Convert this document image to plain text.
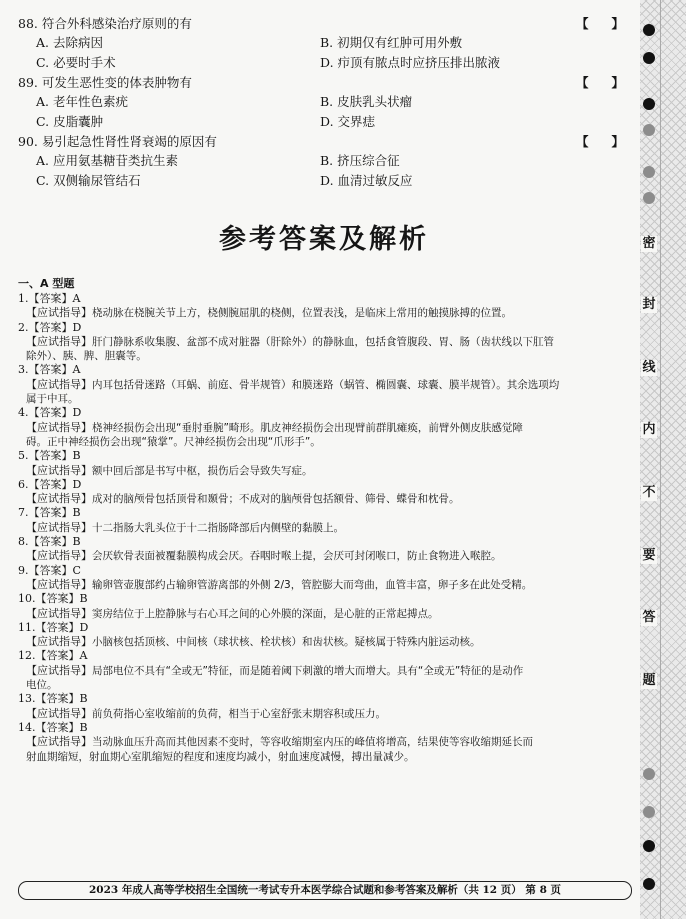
88. 符合外科感染治疗原则的有	【 】
A. 去除病因	B. 初期仅有红肿可用外敷
C. 必要时手术	D. 疖顶有脓点时应挤压排出脓液
89. 可发生恶性变的体表肿物有	【 】
A. 老年性色素疣	B. 皮肤乳头状瘤
C. 皮脂囊肿	D. 交界痣
90. 易引起急性肾性肾衰竭的原因有	【 】
A. 应用氨基糖苷类抗生素	B. 挤压综合征
C. 双侧输尿管结石	D. 血清过敏反应
参考答案及解析
一、A 型题
1.【答案】A
【应试指导】桡动脉在桡腕关节上方，桡侧腕屈肌的桡侧，位置表浅，是临床上常用的触摸脉搏的位置。
2.【答案】D
【应试指导】肝门静脉系收集腹、盆部不成对脏器（肝除外）的静脉血，包括食管腹段、胃、肠（齿状线以下肛管
除外）、胰、脾、胆囊等。
3.【答案】A
【应试指导】内耳包括骨迷路（耳蜗、前庭、骨半规管）和膜迷路（蜗管、椭圆囊、球囊、膜半规管）。其余选项均
属于中耳。
4.【答案】D
【应试指导】桡神经损伤会出现“垂肘垂腕”畸形。肌皮神经损伤会出现臂前群肌瘫痪，前臂外侧皮肤感觉障
碍。正中神经损伤会出现“猿掌”。尺神经损伤会出现“爪形手”。
5.【答案】B
【应试指导】额中回后部是书写中枢，损伤后会导致失写症。
6.【答案】D
【应试指导】成对的脑颅骨包括顶骨和颞骨；不成对的脑颅骨包括额骨、筛骨、蝶骨和枕骨。
7.【答案】B
【应试指导】十二指肠大乳头位于十二指肠降部后内侧壁的黏膜上。
8.【答案】B
【应试指导】会厌软骨表面被覆黏膜构成会厌。吞咽时喉上提，会厌可封闭喉口，防止食物进入喉腔。
9.【答案】C
【应试指导】输卵管壶腹部约占输卵管游离部的外侧 2/3，管腔膨大而弯曲，血管丰富，卵子多在此处受精。
10.【答案】B
【应试指导】窦房结位于上腔静脉与右心耳之间的心外膜的深面，是心脏的正常起搏点。
11.【答案】D
【应试指导】小脑核包括顶核、中间核（球状核、栓状核）和齿状核。疑核属于特殊内脏运动核。
12.【答案】A
【应试指导】局部电位不具有“全或无”特征，而是随着阈下刺激的增大而增大。具有“全或无”特征的是动作
电位。
13.【答案】B
【应试指导】前负荷指心室收缩前的负荷，相当于心室舒张末期容积或压力。
14.【答案】B
【应试指导】当动脉血压升高而其他因素不变时，等容收缩期室内压的峰值将增高，结果使等容收缩期延长而
射血期缩短，射血期心室肌缩短的程度和速度均减小，射血速度减慢，搏出量减少。
2023 年成人高等学校招生全国统一考试专升本医学综合试题和参考答案及解析（共 12 页） 第 8 页
密
封
线
内
不
要
答
题
